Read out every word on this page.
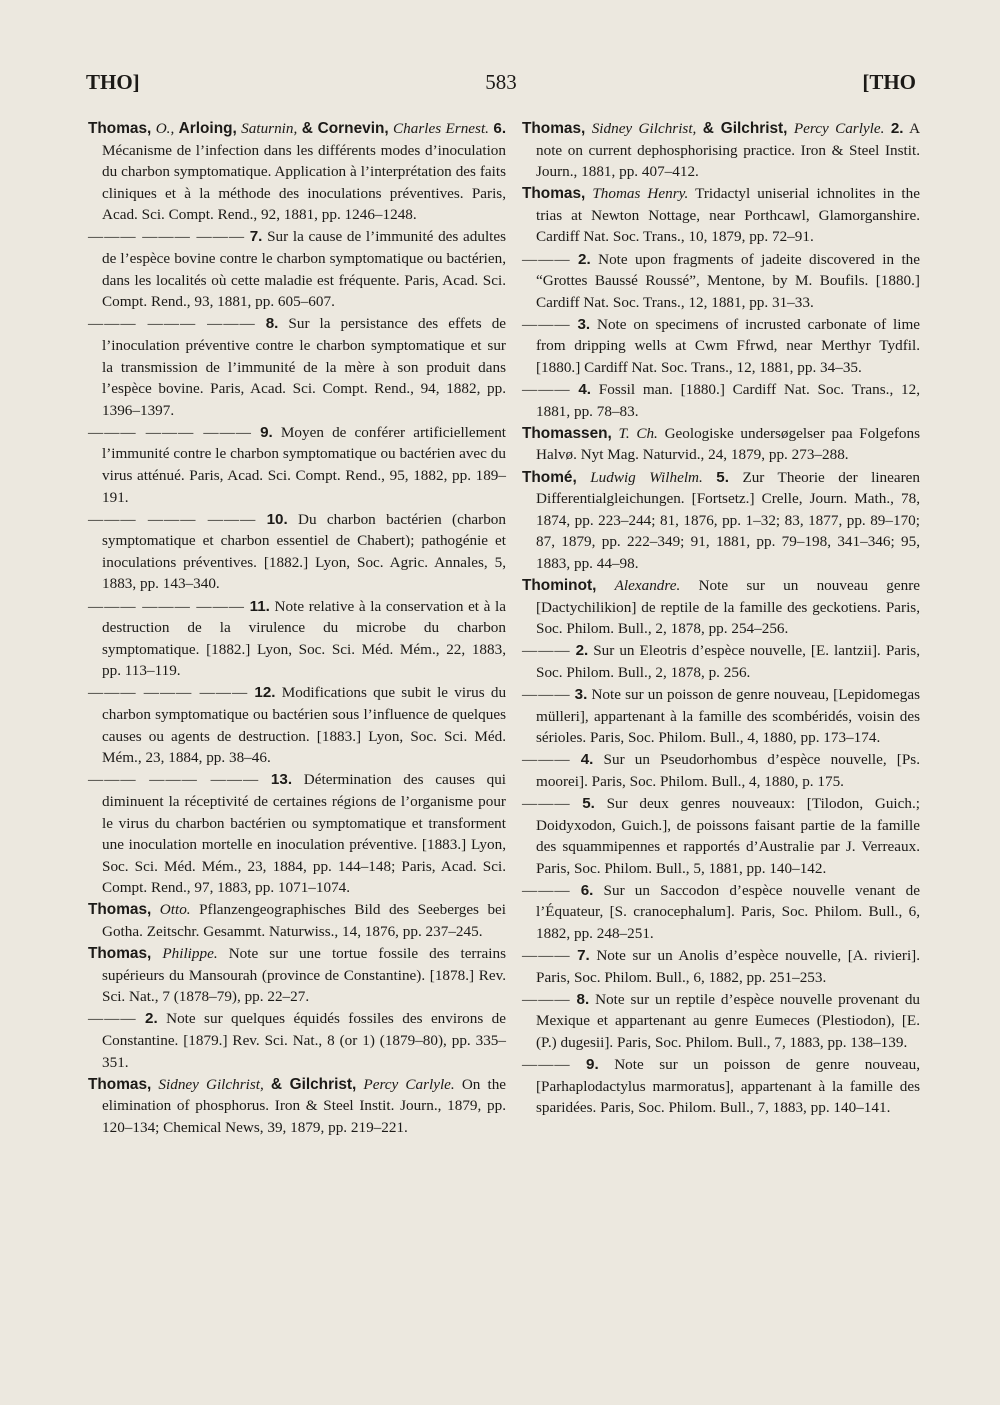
THO]	583	[THO

Thomas, O., Arloing, Saturnin, & Cornevin, Charles Ernest. 6. Mécanisme de l’infection dans les différents modes d’inoculation du charbon symptomatique. Application à l’interprétation des faits cliniques et à la méthode des inoculations préventives. Paris, Acad. Sci. Compt. Rend., 92, 1881, pp. 1246–1248.

——— ——— ——— 7. Sur la cause de l’immunité des adultes de l’espèce bovine contre le charbon symptomatique ou bactérien, dans les localités où cette maladie est fréquente. Paris, Acad. Sci. Compt. Rend., 93, 1881, pp. 605–607.

——— ——— ——— 8. Sur la persistance des effets de l’inoculation préventive contre le charbon symptomatique et sur la transmission de l’immunité de la mère à son produit dans l’espèce bovine. Paris, Acad. Sci. Compt. Rend., 94, 1882, pp. 1396–1397.

——— ——— ——— 9. Moyen de conférer artificiellement l’immunité contre le charbon symptomatique ou bactérien avec du virus atténué. Paris, Acad. Sci. Compt. Rend., 95, 1882, pp. 189–191.

——— ——— ——— 10. Du charbon bactérien (charbon symptomatique et charbon essentiel de Chabert); pathogénie et inoculations préventives. [1882.] Lyon, Soc. Agric. Annales, 5, 1883, pp. 143–340.

——— ——— ——— 11. Note relative à la conservation et à la destruction de la virulence du microbe du charbon symptomatique. [1882.] Lyon, Soc. Sci. Méd. Mém., 22, 1883, pp. 113–119.

——— ——— ——— 12. Modifications que subit le virus du charbon symptomatique ou bactérien sous l’influence de quelques causes ou agents de destruction. [1883.] Lyon, Soc. Sci. Méd. Mém., 23, 1884, pp. 38–46.

——— ——— ——— 13. Détermination des causes qui diminuent la réceptivité de certaines régions de l’organisme pour le virus du charbon bactérien ou symptomatique et transforment une inoculation mortelle en inoculation préventive. [1883.] Lyon, Soc. Sci. Méd. Mém., 23, 1884, pp. 144–148; Paris, Acad. Sci. Compt. Rend., 97, 1883, pp. 1071–1074.

Thomas, Otto. Pflanzengeographisches Bild des Seeberges bei Gotha. Zeitschr. Gesammt. Naturwiss., 14, 1876, pp. 237–245.

Thomas, Philippe. Note sur une tortue fossile des terrains supérieurs du Mansourah (province de Constantine). [1878.] Rev. Sci. Nat., 7 (1878–79), pp. 22–27.

——— 2. Note sur quelques équidés fossiles des environs de Constantine. [1879.] Rev. Sci. Nat., 8 (or 1) (1879–80), pp. 335–351.

Thomas, Sidney Gilchrist, & Gilchrist, Percy Carlyle. On the elimination of phosphorus. Iron & Steel Instit. Journ., 1879, pp. 120–134; Chemical News, 39, 1879, pp. 219–221.

Thomas, Sidney Gilchrist, & Gilchrist, Percy Carlyle. 2. A note on current dephosphorising practice. Iron & Steel Instit. Journ., 1881, pp. 407–412.

Thomas, Thomas Henry. Tridactyl uniserial ichnolites in the trias at Newton Nottage, near Porthcawl, Glamorganshire. Cardiff Nat. Soc. Trans., 10, 1879, pp. 72–91.

——— 2. Note upon fragments of jadeite discovered in the “Grottes Baussé Roussé”, Mentone, by M. Boufils. [1880.] Cardiff Nat. Soc. Trans., 12, 1881, pp. 31–33.

——— 3. Note on specimens of incrusted carbonate of lime from dripping wells at Cwm Ffrwd, near Merthyr Tydfil. [1880.] Cardiff Nat. Soc. Trans., 12, 1881, pp. 34–35.

——— 4. Fossil man. [1880.] Cardiff Nat. Soc. Trans., 12, 1881, pp. 78–83.

Thomassen, T. Ch. Geologiske undersøgelser paa Folgefons Halvø. Nyt Mag. Naturvid., 24, 1879, pp. 273–288.

Thomé, Ludwig Wilhelm. 5. Zur Theorie der linearen Differentialgleichungen. [Fortsetz.] Crelle, Journ. Math., 78, 1874, pp. 223–244; 81, 1876, pp. 1–32; 83, 1877, pp. 89–170; 87, 1879, pp. 222–349; 91, 1881, pp. 79–198, 341–346; 95, 1883, pp. 44–98.

Thominot, Alexandre. Note sur un nouveau genre [Dactychilikion] de reptile de la famille des geckotiens. Paris, Soc. Philom. Bull., 2, 1878, pp. 254–256.

——— 2. Sur un Eleotris d’espèce nouvelle, [E. lantzii]. Paris, Soc. Philom. Bull., 2, 1878, p. 256.

——— 3. Note sur un poisson de genre nouveau, [Lepidomegas mülleri], appartenant à la famille des scombéridés, voisin des sérioles. Paris, Soc. Philom. Bull., 4, 1880, pp. 173–174.

——— 4. Sur un Pseudorhombus d’espèce nouvelle, [Ps. moorei]. Paris, Soc. Philom. Bull., 4, 1880, p. 175.

——— 5. Sur deux genres nouveaux: [Tilodon, Guich.; Doidyxodon, Guich.], de poissons faisant partie de la famille des squammipennes et rapportés d’Australie par J. Verreaux. Paris, Soc. Philom. Bull., 5, 1881, pp. 140–142.

——— 6. Sur un Saccodon d’espèce nouvelle venant de l’Équateur, [S. cranocephalum]. Paris, Soc. Philom. Bull., 6, 1882, pp. 248–251.

——— 7. Note sur un Anolis d’espèce nouvelle, [A. rivieri]. Paris, Soc. Philom. Bull., 6, 1882, pp. 251–253.

——— 8. Note sur un reptile d’espèce nouvelle provenant du Mexique et appartenant au genre Eumeces (Plestiodon), [E. (P.) dugesii]. Paris, Soc. Philom. Bull., 7, 1883, pp. 138–139.

——— 9. Note sur un poisson de genre nouveau, [Parhaplodactylus marmoratus], appartenant à la famille des sparidées. Paris, Soc. Philom. Bull., 7, 1883, pp. 140–141.
